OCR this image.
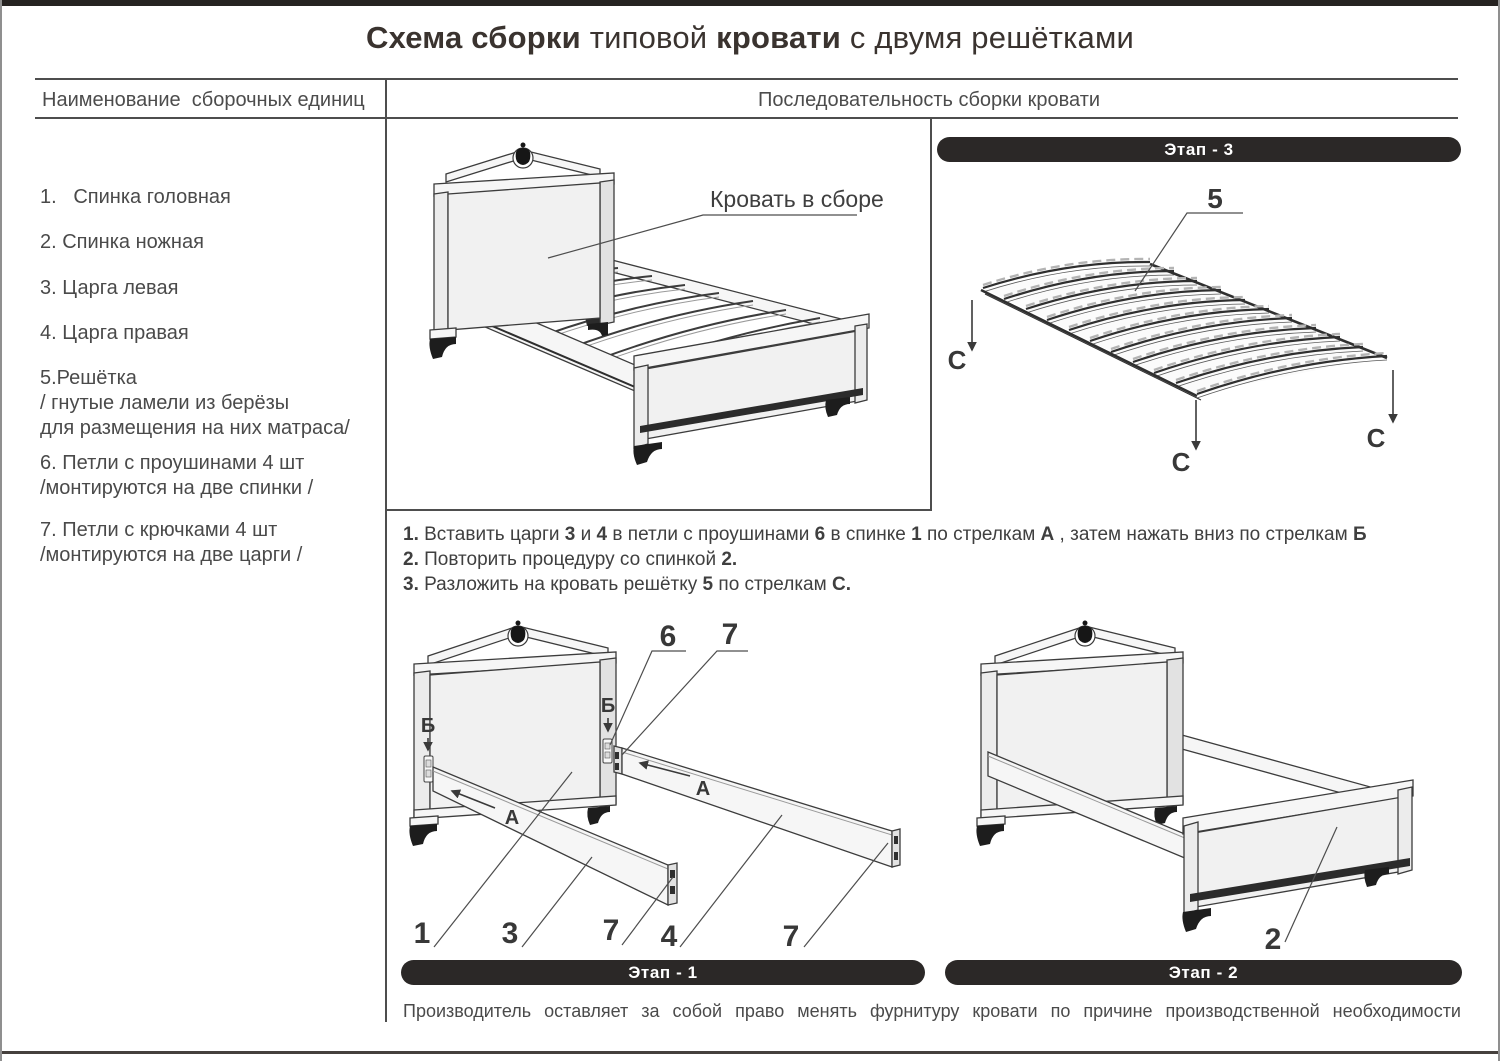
Схема сборки типовой кровати с двумя решётками
Наименование  сборочных единиц	Последовательность сборки кровати
1.   Спинка головная
2. Спинка ножная
3. Царга левая
4. Царга правая
5.Решётка
/ гнутые ламели из берёзы
для размещения на них матраса/
6. Петли с проушинами 4 шт
/монтируются на две спинки /
7. Петли с крючками 4 шт
/монтируются на две царги /
Кровать в сборе
Этап - 3
5
С
С
С
1. Вставить царги 3 и 4 в петли с проушинами 6 в спинке 1 по стрелкам А , затем нажать вниз по стрелкам Б
2. Повторить процедуру со спинкой 2.
3. Разложить на кровать решётку 5 по стрелкам С.
Б
Б
А
А
6 7
1 3	7 4	7	2
Этап - 1	Этап - 2
Производитель оставляет за собой право менять фурнитуру кровати по причине производственной необходимости
